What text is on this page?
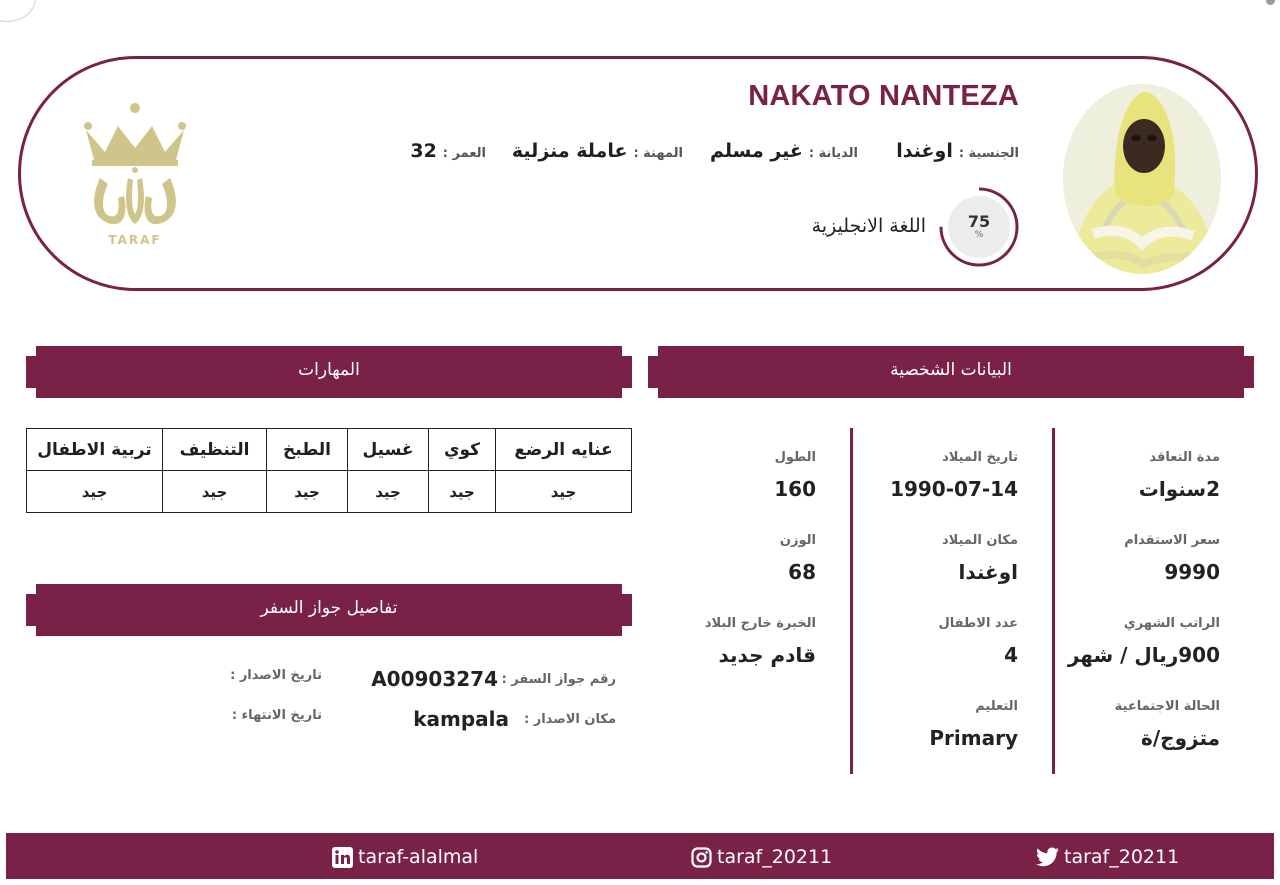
NAKATO NANTEZA
الجنسية :
اوغندا
الديانة :
غير مسلم
المهنة :
عاملة منزلية
العمر :
32
75
%
اللغة الانجليزية
TARAF
المهارات	البيانات الشخصية
تفاصيل جواز السفر
مدة التعاقد
2سنوات
سعر الاستقدام
9990
الراتب الشهري
900ريال / شهر
الحالة الاجتماعية
متزوج/ة
تاريخ الميلاد
1990-07-14
مكان الميلاد
اوغندا
عدد الاطفال
4
التعليم
Primary
الطول
160
الوزن
68
الخبرة خارج البلاد
قادم جديد
عنايه الرضع	كوي	غسيل	الطبخ	التنظيف	تربية الاطفال
جيد	جيد	جيد	جيد	جيد	جيد
رقم جواز السفر :
A00903274
تاريخ الاصدار :
مكان الاصدار :
kampala
تاريخ الانتهاء :
taraf-alalmal	taraf_20211	taraf_20211
